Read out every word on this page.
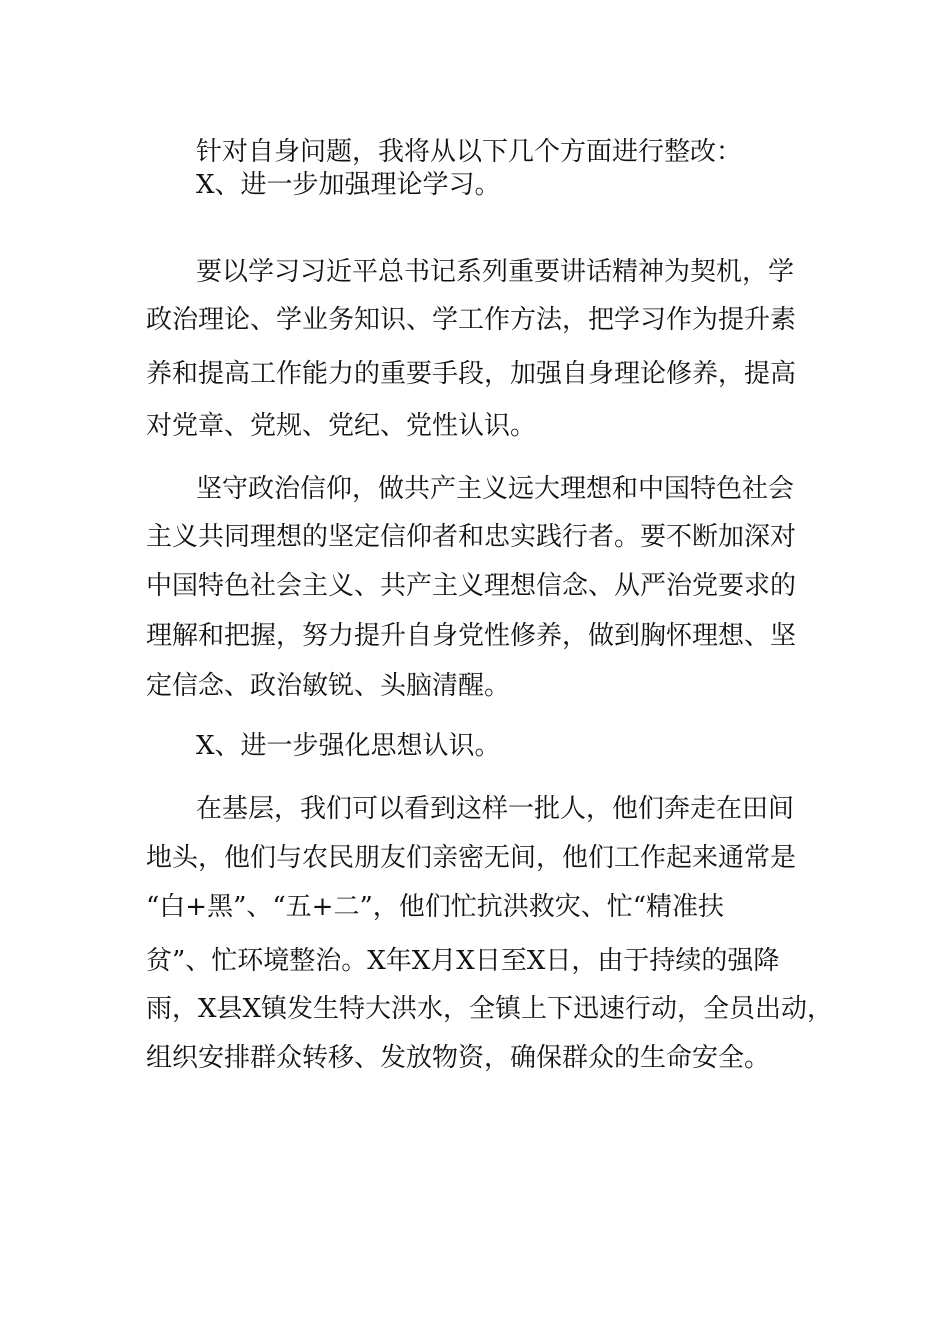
针对自身问题，我将从以下几个方面进行整改：
X、进一步加强理论学习。
要以学习习近平总书记系列重要讲话精神为契机，学
政治理论、学业务知识、学工作方法，把学习作为提升素
养和提高工作能力的重要手段，加强自身理论修养，提高
对党章、党规、党纪、党性认识。
坚守政治信仰，做共产主义远大理想和中国特色社会
主义共同理想的坚定信仰者和忠实践行者。要不断加深对
中国特色社会主义、共产主义理想信念、从严治党要求的
理解和把握，努力提升自身党性修养，做到胸怀理想、坚
定信念、政治敏锐、头脑清醒。
X、进一步强化思想认识。
在基层，我们可以看到这样一批人，他们奔走在田间
地头，他们与农民朋友们亲密无间，他们工作起来通常是
“白+黑”、“五+二”，他们忙抗洪救灾、忙“精准扶
贫”、忙环境整治。X年X月X日至X日，由于持续的强降
雨，X县X镇发生特大洪水，全镇上下迅速行动，全员出动，
组织安排群众转移、发放物资，确保群众的生命安全。
